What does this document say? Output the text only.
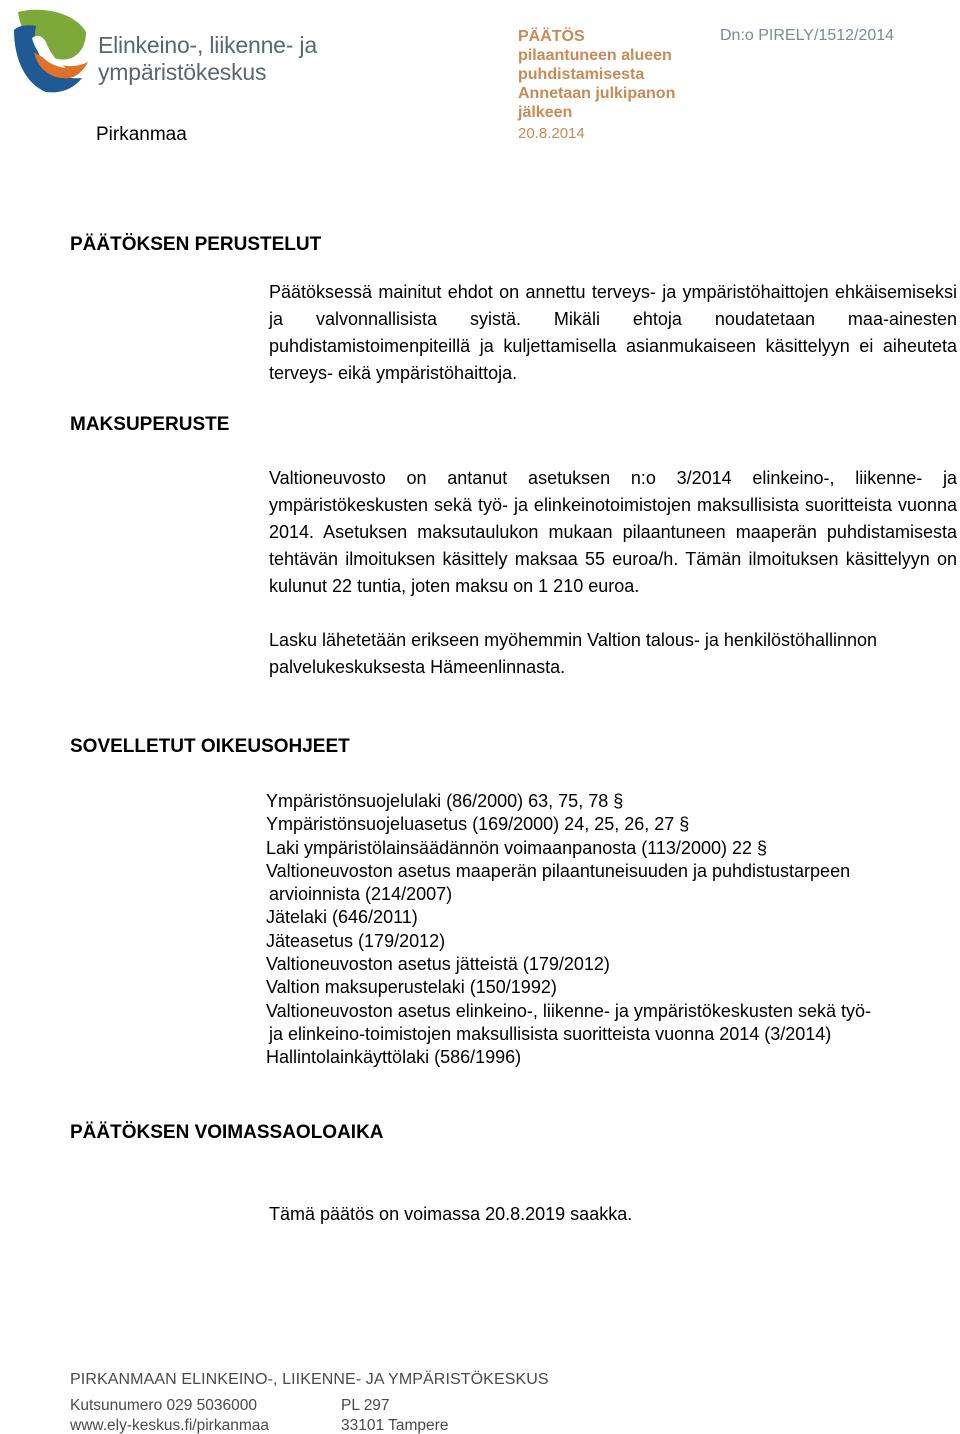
Elinkeino-, liikenne- ja
ympäristökeskus
Pirkanmaa
PÄÄTÖS
pilaantuneen alueen
puhdistamisesta
Annetaan julkipanon
jälkeen
20.8.2014
Dn:o PIRELY/1512/2014
PÄÄTÖKSEN PERUSTELUT

Päätöksessä mainitut ehdot on annettu terveys- ja ympäristöhaittojen ehkäisemiseksi ja valvonnallisista syistä. Mikäli ehtoja noudatetaan maa-ainesten puhdistamistoimenpiteillä ja kuljettamisella asianmukaiseen käsittelyyn ei aiheuteta terveys- eikä ympäristöhaittoja.

MAKSUPERUSTE

Valtioneuvosto on antanut asetuksen n:o 3/2014 elinkeino-, liikenne- ja ympäristökeskusten sekä työ- ja elinkeinotoimistojen maksullisista suoritteista vuonna 2014. Asetuksen maksutaulukon mukaan pilaantuneen maaperän puhdistamisesta tehtävän ilmoituksen käsittely maksaa 55 euroa/h. Tämän ilmoituksen käsittelyyn on kulunut 22 tuntia, joten maksu on 1 210 euroa.

Lasku lähetetään erikseen myöhemmin Valtion talous- ja henkilöstöhallinnon palvelukeskuksesta Hämeenlinnasta.

SOVELLETUT OIKEUSOHJEET
Ympäristönsuojelulaki (86/2000) 63, 75, 78 §
Ympäristönsuojeluasetus (169/2000) 24, 25, 26, 27 §
Laki ympäristölainsäädännön voimaanpanosta (113/2000) 22 §
Valtioneuvoston asetus maaperän pilaantuneisuuden ja puhdistustarpeen
arvioinnista (214/2007)
Jätelaki (646/2011)
Jäteasetus (179/2012)
Valtioneuvoston asetus jätteistä (179/2012)
Valtion maksuperustelaki (150/1992)
Valtioneuvoston asetus elinkeino-, liikenne- ja ympäristökeskusten sekä työ-
ja elinkeino-toimistojen maksullisista suoritteista vuonna 2014 (3/2014)
Hallintolainkäyttölaki (586/1996)
PÄÄTÖKSEN VOIMASSAOLOAIKA

Tämä päätös on voimassa 20.8.2019 saakka.

PIRKANMAAN ELINKEINO-, LIIKENNE- JA YMPÄRISTÖKESKUS
Kutsunumero 029 5036000
www.ely-keskus.fi/pirkanmaa
PL 297
33101 Tampere
